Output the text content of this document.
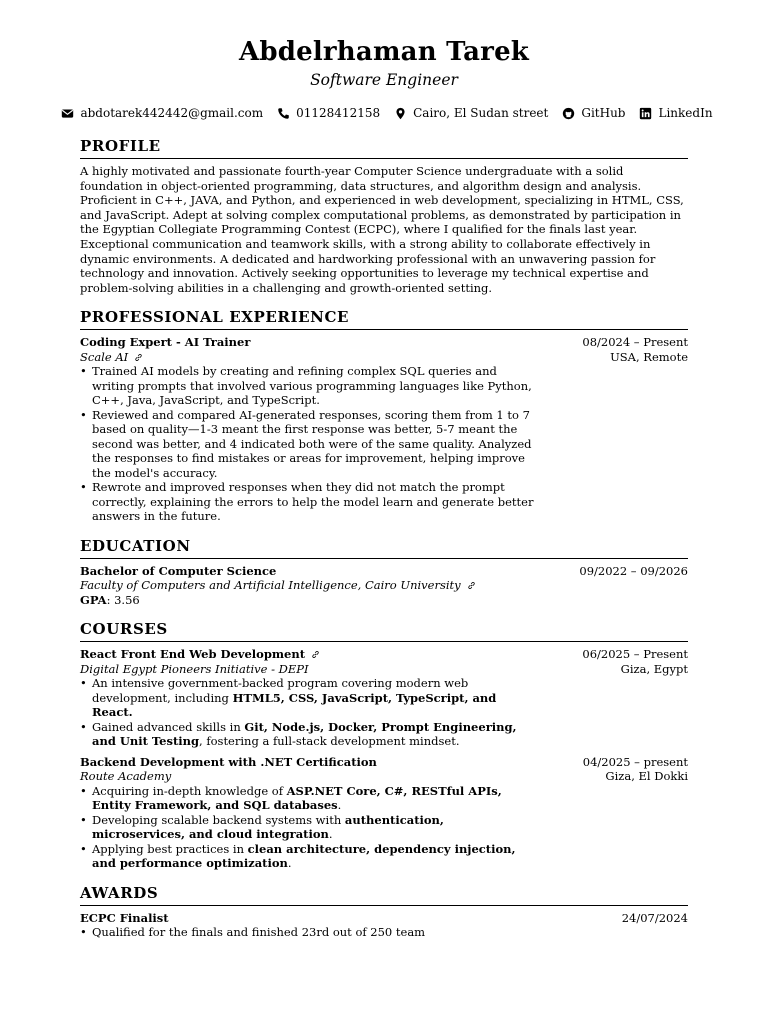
Abdelrhaman Tarek
Software Engineer
abdotarek442442@gmail.com	01128412158	Cairo, El Sudan street	GitHub	LinkedIn
PROFILE

A highly motivated and passionate fourth-year Computer Science undergraduate with a solid foundation in object-oriented programming, data structures, and algorithm design and analysis. Proficient in C++, JAVA, and Python, and experienced in web development, specializing in HTML, CSS, and JavaScript. Adept at solving complex computational problems, as demonstrated by participation in the Egyptian Collegiate Programming Contest (ECPC), where I qualified for the finals last year. Exceptional communication and teamwork skills, with a strong ability to collaborate effectively in dynamic environments. A dedicated and hardworking professional with an unwavering passion for technology and innovation. Actively seeking opportunities to leverage my technical expertise and problem-solving abilities in a challenging and growth-oriented setting.

PROFESSIONAL EXPERIENCE
Coding Expert - AI Trainer	08/2024 – Present
Scale AI	USA, Remote
• Trained AI models by creating and refining complex SQL queries and writing prompts that involved various programming languages like Python, C++, Java, JavaScript, and TypeScript.
• Reviewed and compared AI-generated responses, scoring them from 1 to 7 based on quality—1-3 meant the first response was better, 5-7 meant the second was better, and 4 indicated both were of the same quality. Analyzed the responses to find mistakes or areas for improvement, helping improve the model's accuracy.
• Rewrote and improved responses when they did not match the prompt correctly, explaining the errors to help the model learn and generate better answers in the future.
EDUCATION
Bachelor of Computer Science	09/2022 – 09/2026
Faculty of Computers and Artificial Intelligence, Cairo University
GPA: 3.56
COURSES
React Front End Web Development	06/2025 – Present
Digital Egypt Pioneers Initiative - DEPI	Giza, Egypt
• An intensive government-backed program covering modern web development, including HTML5, CSS, JavaScript, TypeScript, and React.
• Gained advanced skills in Git, Node.js, Docker, Prompt Engineering, and Unit Testing, fostering a full-stack development mindset.
Backend Development with .NET Certification	04/2025 – present
Route Academy	Giza, El Dokki
• Acquiring in-depth knowledge of ASP.NET Core, C#, RESTful APIs, Entity Framework, and SQL databases.
• Developing scalable backend systems with authentication, microservices, and cloud integration.
• Applying best practices in clean architecture, dependency injection, and performance optimization.
AWARDS
ECPC Finalist	24/07/2024
• Qualified for the finals and finished 23rd out of 250 team
